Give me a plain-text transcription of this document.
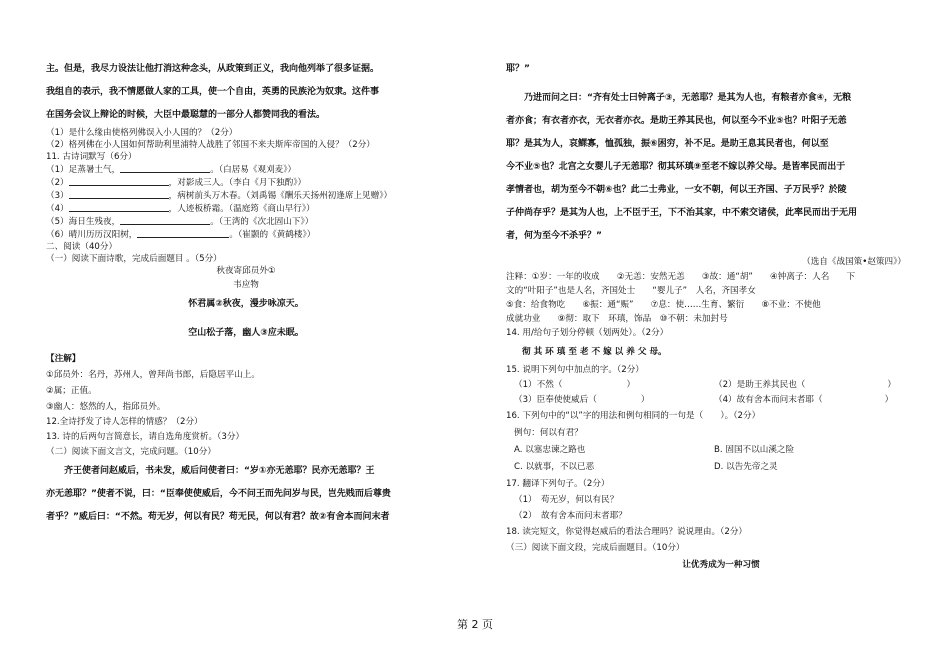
主。但是，我尽力设法让他打消这种念头，从政策到正义，我向他列举了很多证据。
我组自的表示，我不情愿做人家的工具，使一个自由，英勇的民族沦为奴隶。这件事
在国务会议上辩论的时候，大臣中最聪慧的一部分人都赞同我的看法。
（1）是什么缘由使格列佛误入小人国的？（2分）
（2）格列佛在小人国如何帮助利里浦特人战胜了邻国不来夫斯库帝国的入侵？（2分）
11. 古诗词默写（6分）
（1）足蒸暑土气，	。（白居易《观刈麦》）
（2）	，对影成三人。（李白《月下独酌》）
（3）	，病树前头万木春。（刘禹锡《酬乐天扬州初逢席上见赠》）
（4）	，人迹板桥霜。（温庭筠《商山早行》）
（5）海日生残夜，	。（王湾的《次北固山下》）
（6）晴川历历汉阳树，	。（崔颢的《黄鹤楼》）
二、阅读（40分）
（一）阅读下面诗歌，完成后面题目 。（5分）
秋夜寄邱员外①
韦应物
怀君属②秋夜，漫步咏凉天。
空山松子落，幽人③应未眠。
【注解】
①邱员外：名丹，苏州人，曾拜尚书郎，后隐居平山上。
②属；正值。
③幽人：悠然的人，指邱员外。
12.全诗抒发了诗人怎样的情感？（2分）
13. 诗的后两句言简意长，请自选角度赏析。（3分）
（二）阅读下面文言文，完成问题。（10分）
齐王使者问赵威后，书未发，威后问使者曰：“岁①亦无恙耶？民亦无恙耶？王
亦无恙耶？”使者不说，曰：“臣奉使使威后，今不问王而先问岁与民，岂先贱而后尊贵
者乎？”威后曰：“不然。苟无岁，何以有民？苟无民，何以有君？故②有舍本而问末者
耶？”
乃进而问之曰：“齐有处士曰钟离子③，无恙耶？是其为人也，有粮者亦食④，无粮
者亦食；有衣者亦衣，无衣者亦衣。是助王养其民也，何以至今不业⑤也？叶阳子无恙
耶？是其为人，哀鳏寡，恤孤独，振⑥困穷，补不足。是助王息其民者也，何以至
今不业⑤也？北宫之女婴儿子无恙耶？彻其环瑱⑨至老不嫁以养父母。是皆率民而出于
孝情者也，胡为至今不朝⑥也？此二士弗业，一女不朝，何以王齐国、子万民乎？於陵
子仲尚存乎？是其为人也，上不臣于王，下不治其家，中不索交诸侯，此率民而出于无用
者，何为至今不杀乎？”
（选自《战国策•赵策四》）
注释：①岁：一年的收成　　②无恙：安然无恙　　③故：通“胡”　　④钟离子：人名　　下
文的“叶阳子”也是人名，齐国处士　　“婴儿子”　人名，齐国孝女
⑤食：给食物吃　　⑥振：通“赈”　　⑦息：使……生育、繁衍　　⑧不业：不使他
成就功业　　⑨彻：取下　环瑱，饰品　⑩不朝：未加封号
14. 用/给句子划分停顿（划两处）。（2分）
彻 其 环 瑱 至 老 不 嫁 以 养 父 母。
15. 说明下列句中加点的字。（2分）
（1）不然（	）	（2）是助王养其民也（	）
（3）臣奉使使威后（	）	（4）故有舍本而问末者耶（	）
16. 下列句中的“以”字的用法和例句相同的一句是（　　）。（2分）
例句：何以有君？
A. 以塞忠谏之路也	B. 固国不以山溪之险
C. 以就事，不以已恶	D. 以告先帝之灵
17. 翻译下列句子。（2分）
（1）　苟无岁，何以有民？
（2）　故有舍本而问末者耶？
18. 读完短文，你觉得赵威后的看法合理吗？说说理由。（2分）
（三）阅读下面文段，完成后面题目。（10分）
让优秀成为一种习惯
第 2 页
